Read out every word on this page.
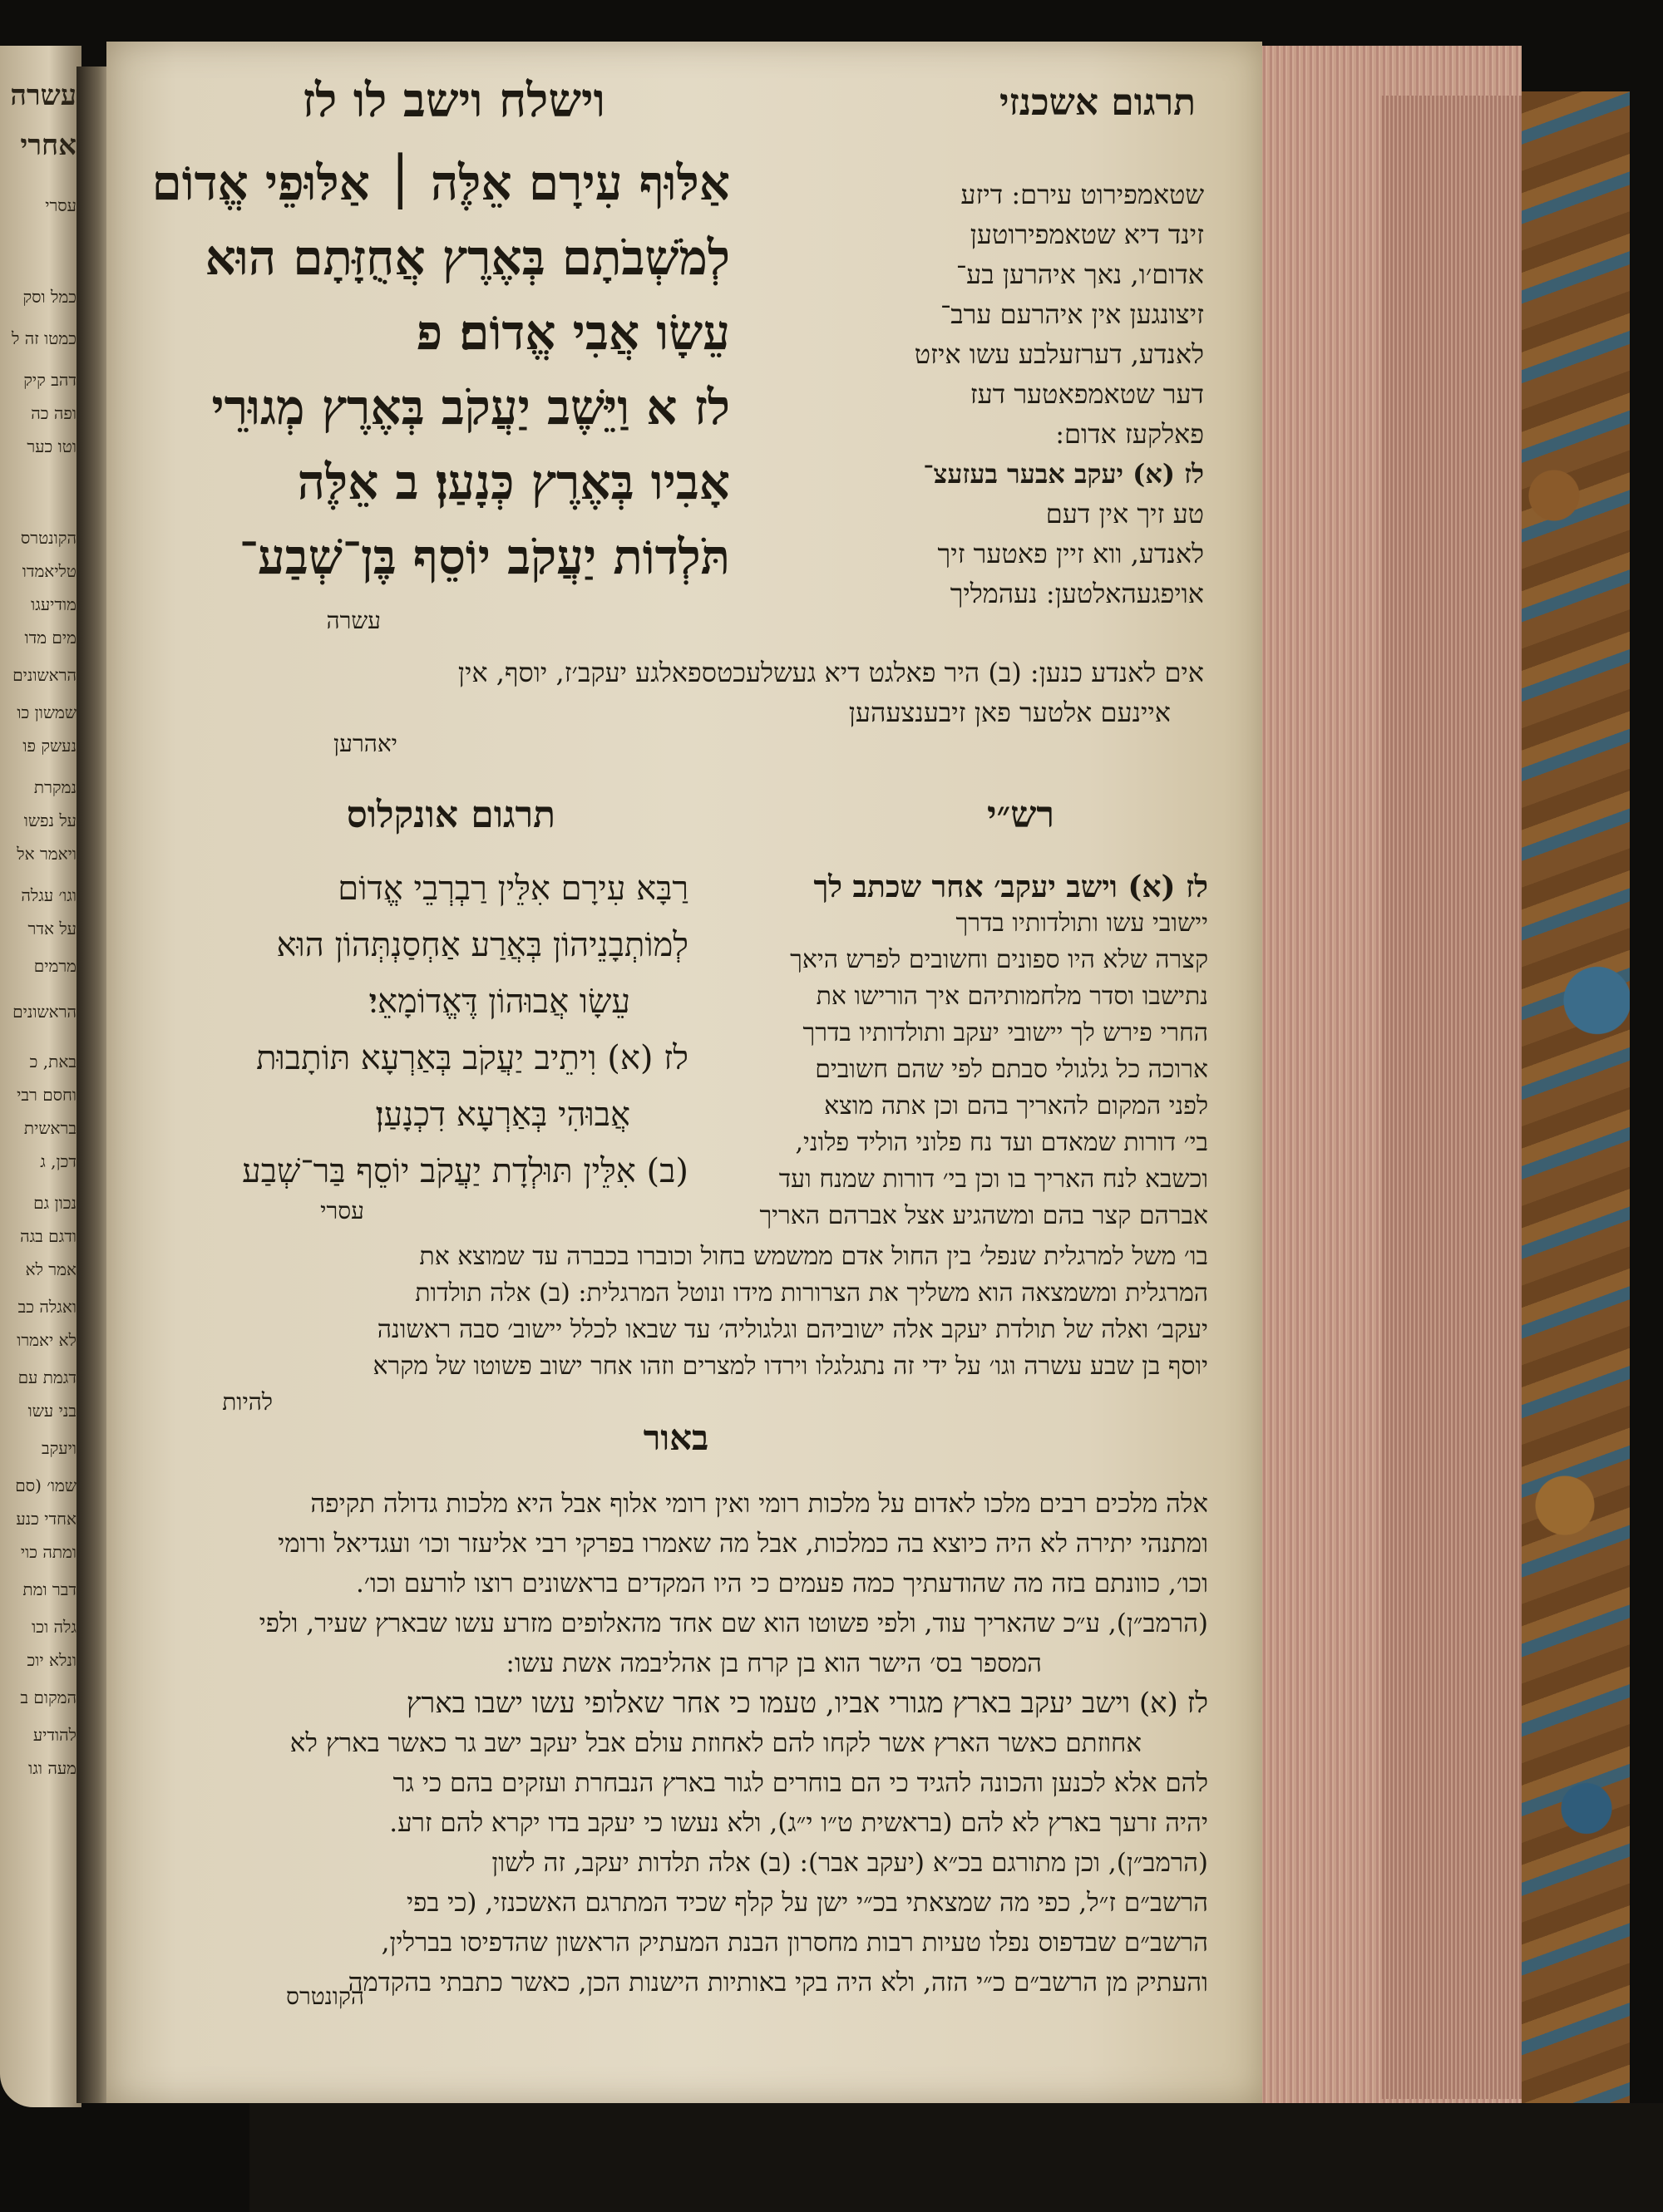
עשרה
אחרי
עסרי
כמל וסק
כמטו זה ל
דהב קיק
ופה כה
וטו כער
הקונטרס
טליאמדו
מודיעגו
מים מדו
הראשונים
שמשון כו
נעשק פו
נמקרת
על נפשו
ויאמר אל
וגו׳ עגלה
על אדר
מרמים
הראשונים
באת, כ
וחסם רבי
בראשית
דכן, ג
נכון גם
ודגם בגה
אמר לא
ואגלה כב
לא יאמרו
דגמת עם
בני עשו
ויעקב
שמו׳ (סם
אחדי כנע
ומתה כוי
דבר ומת
גלה וכו
ונלא יוכ
המקום ב
להודיע
מעה וגו
וישלח וישב לו לז	תרגום אשכנזי
אַלּוּף עִירָם אֵלֶּה ׀ אַלּוּפֵי אֱדוֹם
לְמֹשְׁבֹתָם בְּאֶרֶץ אֲחֻזָּתָם הוּא
עֵשָׂו אֲבִי אֱדוֹם׃ פ
לז א וַיֵּשֶׁב יַעֲקֹב בְּאֶרֶץ מְגוּרֵי
אָבִיו בְּאֶרֶץ כְּנָעַן׃ ב אֵלֶּה
תֹּלְדוֹת יַעֲקֹב יוֹסֵף בֶּן־שְׁבַע־
עשרה
שטאמפירוט עירם: דיזע
זינד דיא שטאמפירוטען
אדום׳ו, נאך איהרען בע־
זיצונגען אין איהרעם ערב־
לאנדע, דערזעלבע עשו איזט
דער שטאמפאטער דעז
פאלקעז אדום:
לז (א) יעקב אבער בעזעצ־
טע זיך אין דעם
לאנדע, ווא זיין פאטער זיך
אויפגעהאלטען: נעהמליך
אים לאנדע כנען: (ב) היר פאלגט דיא געשלעכטספאלגע יעקב׳ז, יוסף, אין
איינעם אלטער פאן זיבענצעהען
יאהרען
רש״י
תרגום אונקלוס
לז (א) וישב יעקב׳ אחר שכתב לך
יישובי עשו ותולדותיו בדרך
קצרה שלא היו ספונים וחשובים לפרש היאך
נתישבו וסדר מלחמותיהם איך הורישו את
החרי פירש לך יישובי יעקב ותולדותיו בדרך
ארוכה כל גלגולי סבתם לפי שהם חשובים
לפני המקום להאריך בהם וכן אתה מוצא
בי׳ דורות שמאדם ועד נח פלוני הוליד פלוני,
וכשבא לנח האריך בו וכן בי׳ דורות שמנח ועד
אברהם קצר בהם ומשהגיע אצל אברהם האריך
רַבָּא עִירָם אִלֵּין רַבְרְבֵי אֱדוֹם
לְמוֹתְבָנֵיהוֹן בְּאֲרַע אַחְסַנְתְּהוֹן הוּא
עֵשָׂו אֲבוּהוֹן דֶּאֱדוֹמָאֵי׃
לז (א) וִיתֵיב יַעֲקֹב בְּאַרְעָא תּוֹתָבוּת
אֲבוּהִי בְּאַרְעָא דִכְנָעַן׃
(ב) אִלֵּין תּוּלְדָת יַעֲקֹב יוֹסֵף בַּר־שְׁבַע
עסרי
בו׳ משל למרגלית שנפל׳ בין החול אדם ממשמש בחול וכוברו בכברה עד שמוצא את
המרגלית ומשמצאה הוא משליך את הצרורות מידו ונוטל המרגלית: (ב) אלה תולדות
יעקב׳ ואלה של תולדת יעקב אלה ישוביהם וגלגוליה׳ עד שבאו לכלל יישוב׳ סבה ראשונה
יוסף בן שבע עשרה וגו׳ על ידי זה נתגלגלו וירדו למצרים וזהו אחר ישוב פשוטו של מקרא
להיות
באור
אלה מלכים רבים מלכו לאדום על מלכות רומי ואין רומי אלוף אבל היא מלכות גדולה תקיפה
ומתנהי יתירה לא היה כיוצא בה כמלכות, אבל מה שאמרו בפרקי רבי אליעזר וכו׳ ועגדיאל ורומי
וכו׳, כוונתם בזה מה שהודעתיך כמה פעמים כי היו המקדים בראשונים רוצו לורעם וכו׳.
(הרמב״ן), ע״כ שהאריך עוד, ולפי פשוטו הוא שם אחד מהאלופים מזרע עשו שבארץ שעיר, ולפי
המספר בס׳ הישר הוא בן קרח בן אהליבמה אשת עשו:
לז (א) וישב יעקב בארץ מגורי אביו, טעמו כי אחר שאלופי עשו ישבו בארץ
אחוזתם כאשר הארץ אשר לקחו להם לאחוזת עולם אבל יעקב ישב גר כאשר בארץ לא
להם אלא לכנען והכונה להגיד כי הם בוחרים לגור בארץ הנבחרת ועזקים בהם כי גר
יהיה זרעך בארץ לא להם (בראשית ט״ו י״ג), ולא נעשו כי יעקב בדו יקרא להם זרע.
(הרמב״ן), וכן מתורגם בכ״א (יעקב אבר): (ב) אלה תלדות יעקב, זה לשון
הרשב״ם ז״ל, כפי מה שמצאתי בכ״י ישן על קלף שכיד המתרגם האשכנזי, (כי בפי
הרשב״ם שבדפוס נפלו טעיות רבות מחסרון הבנת המעתיק הראשון שהדפיסו בברלין,
והעתיק מן הרשב״ם כ״י הזה, ולא היה בקי באותיות הישנות הכן, כאשר כתבתי בהקדמה
הקונטרס
